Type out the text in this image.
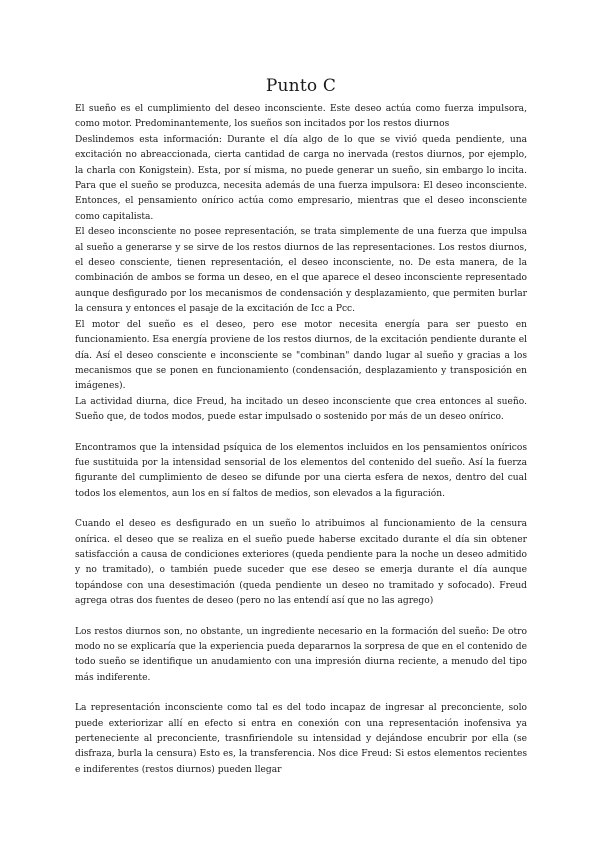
Punto C

El sueño es el cumplimiento del deseo inconsciente. Este deseo actúa como fuerza impulsora, como motor. Predominantemente, los sueños son incitados por los restos diurnos

Deslindemos esta información: Durante el día algo de lo que se vivió queda pendiente, una excitación no abreaccionada, cierta cantidad de carga no inervada (restos diurnos, por ejemplo, la charla con Konigstein). Esta, por sí misma, no puede generar un sueño, sin embargo lo incita. Para que el sueño se produzca, necesita además de una fuerza impulsora: El deseo inconsciente. Entonces, el pensamiento onírico actúa como empresario, mientras que el deseo inconsciente como capitalista.

El deseo inconsciente no posee representación, se trata simplemente de una fuerza que impulsa al sueño a generarse y se sirve de los restos diurnos de las representaciones. Los restos diurnos, el deseo consciente, tienen representación, el deseo inconsciente, no. De esta manera, de la combinación de ambos se forma un deseo, en el que aparece el deseo inconsciente representado aunque desfigurado por los mecanismos de condensación y desplazamiento, que permiten burlar la censura y entonces el pasaje de la excitación de Icc a Pcc.

El motor del sueño es el deseo, pero ese motor necesita energía para ser puesto en funcionamiento. Esa energía proviene de los restos diurnos, de la excitación pendiente durante el día. Así el deseo consciente e inconsciente se "combinan" dando lugar al sueño y gracias a los mecanismos que se ponen en funcionamiento (condensación, desplazamiento y transposición en imágenes).

La actividad diurna, dice Freud, ha incitado un deseo inconsciente que crea entonces al sueño. Sueño que, de todos modos, puede estar impulsado o sostenido por más de un deseo onírico.

Encontramos que la intensidad psíquica de los elementos incluidos en los pensamientos oníricos fue sustituida por la intensidad sensorial de los elementos del contenido del sueño. Así la fuerza figurante del cumplimiento de deseo se difunde por una cierta esfera de nexos, dentro del cual todos los elementos, aun los en sí faltos de medios, son elevados a la figuración.

Cuando el deseo es desfigurado en un sueño lo atribuimos al funcionamiento de la censura onírica. el deseo que se realiza en el sueño puede haberse excitado durante el día sin obtener satisfacción a causa de condiciones exteriores (queda pendiente para la noche un deseo admitido y no tramitado), o también puede suceder que ese deseo se emerja durante el día aunque topándose con una desestimación (queda pendiente un deseo no tramitado y sofocado). Freud agrega otras dos fuentes de deseo (pero no las entendí así que no las agrego)

Los restos diurnos son, no obstante, un ingrediente necesario en la formación del sueño: De otro modo no se explicaría que la experiencia pueda depararnos la sorpresa de que en el contenido de todo sueño se identifique un anudamiento con una impresión diurna reciente, a menudo del tipo más indiferente.

La representación inconsciente como tal es del todo incapaz de ingresar al preconciente, solo puede exteriorizar allí en efecto si entra en conexión con una representación inofensiva ya perteneciente al preconciente, trasnfiriendole su intensidad y dejándose encubrir por ella (se disfraza, burla la censura) Esto es, la transferencia. Nos dice Freud: Si estos elementos recientes e indiferentes (restos diurnos) pueden llegar
